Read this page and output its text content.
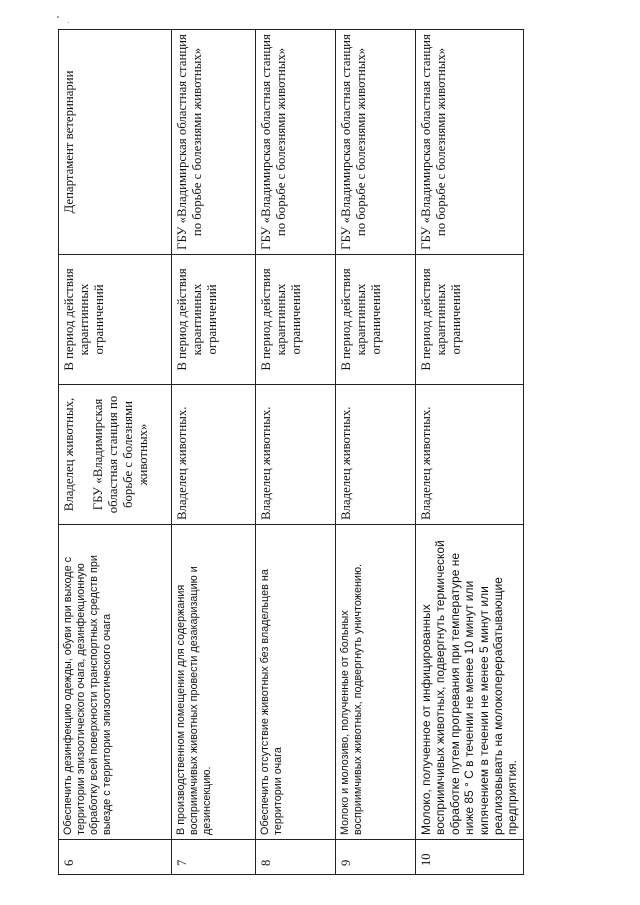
6	Обеспечить дезинфекцию одежды, обуви при выходе с территории эпизоотического очага, дезинфекционную обработку всей поверхности транспортных средств при выезде с территории эпизоотического очага	Владелец животных, ГБУ «Владимирская областная станция по борьбе с болезнями животных»	В период действия карантинных ограничений	Департамент ветеринарии
7	В производственном помещении для содержания восприимчивых животных провести дезакаризацию и дезинсекцию.	Владелец животных.	В период действия карантинных ограничений	ГБУ «Владимирская областная станция по борьбе с болезнями животных»
8	Обеспечить отсутствие животных без владельцев на территории очага	Владелец животных.	В период действия карантинных ограничений	ГБУ «Владимирская областная станция по борьбе с болезнями животных»
9	Молоко и молозиво, полученные от больных восприимчивых животных, подвергнуть уничтожению.	Владелец животных.	В период действия карантинных ограничений	ГБУ «Владимирская областная станция по борьбе с болезнями животных»
10	Молоко, полученное от инфицированных восприимчивых животных, подвергнуть термической обработке путем прогревания при температуре не ниже 85 ° С в течении не менее 10 минут или кипячением в течении не менее 5 минут или реализовывать на молокоперерабатывающие предприятия.	Владелец животных.	В период действия карантинных ограничений	ГБУ «Владимирская областная станция по борьбе с болезнями животных»
